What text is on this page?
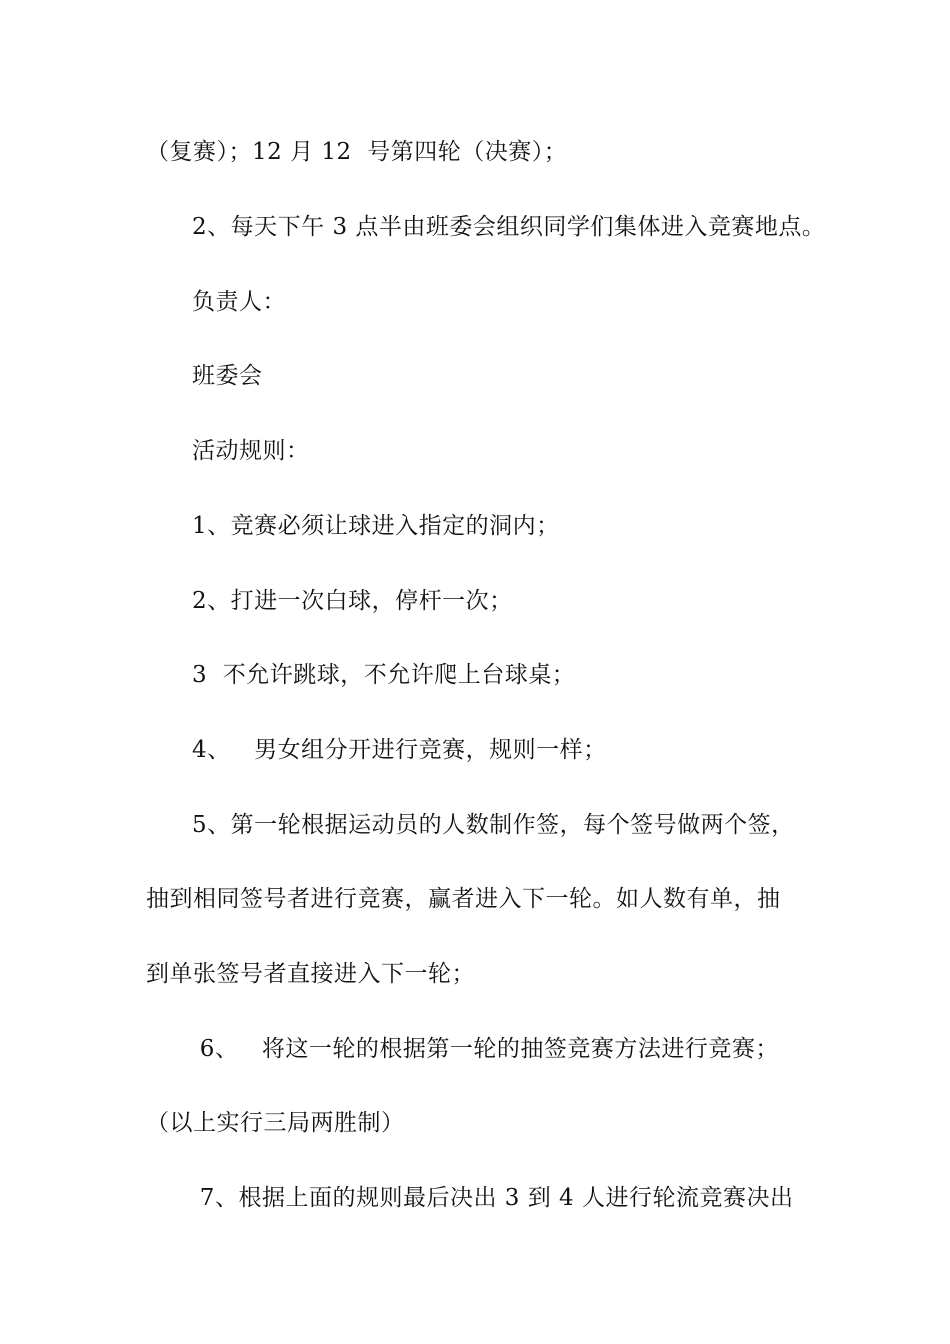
（复赛）；12 月 12  号第四轮（决赛）；
2、每天下午 3 点半由班委会组织同学们集体进入竞赛地点。
负责人：
班委会
活动规则：
1、竞赛必须让球进入指定的洞内；
2、打进一次白球，停杆一次；
3  不允许跳球，不允许爬上台球桌；
4、   男女组分开进行竞赛，规则一样；
5、第一轮根据运动员的人数制作签，每个签号做两个签，
抽到相同签号者进行竞赛，赢者进入下一轮。如人数有单，抽
到单张签号者直接进入下一轮；
6、   将这一轮的根据第一轮的抽签竞赛方法进行竞赛；
（以上实行三局两胜制）
7、根据上面的规则最后决出 3 到 4 人进行轮流竞赛决出
